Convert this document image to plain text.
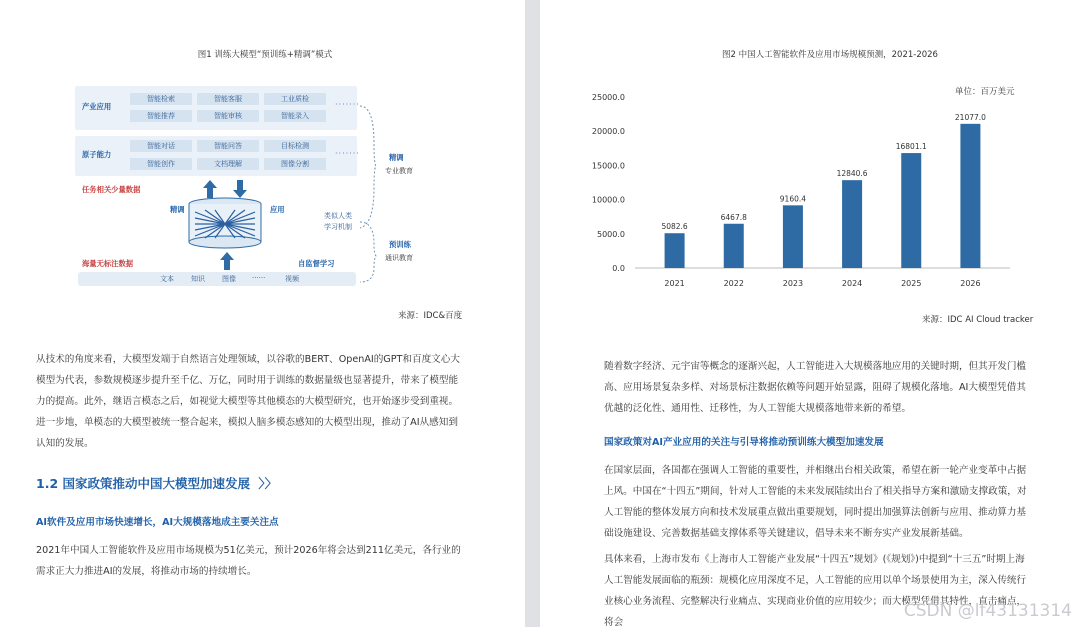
图1 训练大模型“预训练+精调”模式
产业应用
智能检索	智能客服	工业质检
智能推荐	智能审核	智能录入
·······
原子能力
智能对话	智能问答	目标检测
智能创作	文档理解	图像分割
·······
任务相关少量数据
精调	应用
类似人类
学习机制
自监督学习
海量无标注数据
文本 知识 图像 ······	视频
精调
专业教育
预训练
通识教育
来源：IDC&百度

从技术的角度来看，大模型发端于自然语言处理领域，以谷歌的BERT、OpenAI的GPT和百度文心大模型为代表，参数规模逐步提升至千亿、万亿，同时用于训练的数据量级也显著提升，带来了模型能力的提高。此外，继语言模态之后，如视觉大模型等其他模态的大模型研究，也开始逐步受到重视。进一步地，单模态的大模型被统一整合起来，模拟人脑多模态感知的大模型出现，推动了AI从感知到认知的发展。

1.2 国家政策推动中国大模型加速发展 〉〉
AI软件及应用市场快速增长，AI大规模落地成主要关注点

2021年中国人工智能软件及应用市场规模为51亿美元，预计2026年将会达到211亿美元，各行业的需求正大力推进AI的发展，将推动市场的持续增长。

图2 中国人工智能软件及应用市场规模预测，2021-2026
单位：百万美元
0.0
5000.0
10000.0
15000.0
20000.0
25000.0
5082.6
2021
6467.8
2022
9160.4
2023
12840.6
2024
16801.1
2025
21077.0
2026
来源：IDC AI Cloud tracker

随着数字经济、元宇宙等概念的逐渐兴起，人工智能进入大规模落地应用的关键时期，但其开发门槛高、应用场景复杂多样、对场景标注数据依赖等问题开始显露，阻碍了规模化落地。AI大模型凭借其优越的泛化性、通用性、迁移性，为人工智能大规模落地带来新的希望。

国家政策对AI产业应用的关注与引导将推动预训练大模型加速发展

在国家层面，各国都在强调人工智能的重要性，并相继出台相关政策，希望在新一轮产业变革中占据上风。中国在“十四五”期间，针对人工智能的未来发展陆续出台了相关指导方案和激励支撑政策，对人工智能的整体发展方向和技术发展重点做出重要规划，同时提出加强算法创新与应用、推动算力基础设施建设、完善数据基础支撑体系等关键建议，倡导未来不断夯实产业发展新基础。

具体来看，上海市发布《上海市人工智能产业发展“十四五”规划》(《规划》)中提到“十三五”时期上海人工智能发展面临的瓶颈：规模化应用深度不足，人工智能的应用以单个场景使用为主，深入传统行业核心业务流程、完整解决行业痛点、实现商业价值的应用较少；而大模型凭借其特性，直击痛点，将会

CSDN @lf43131314
